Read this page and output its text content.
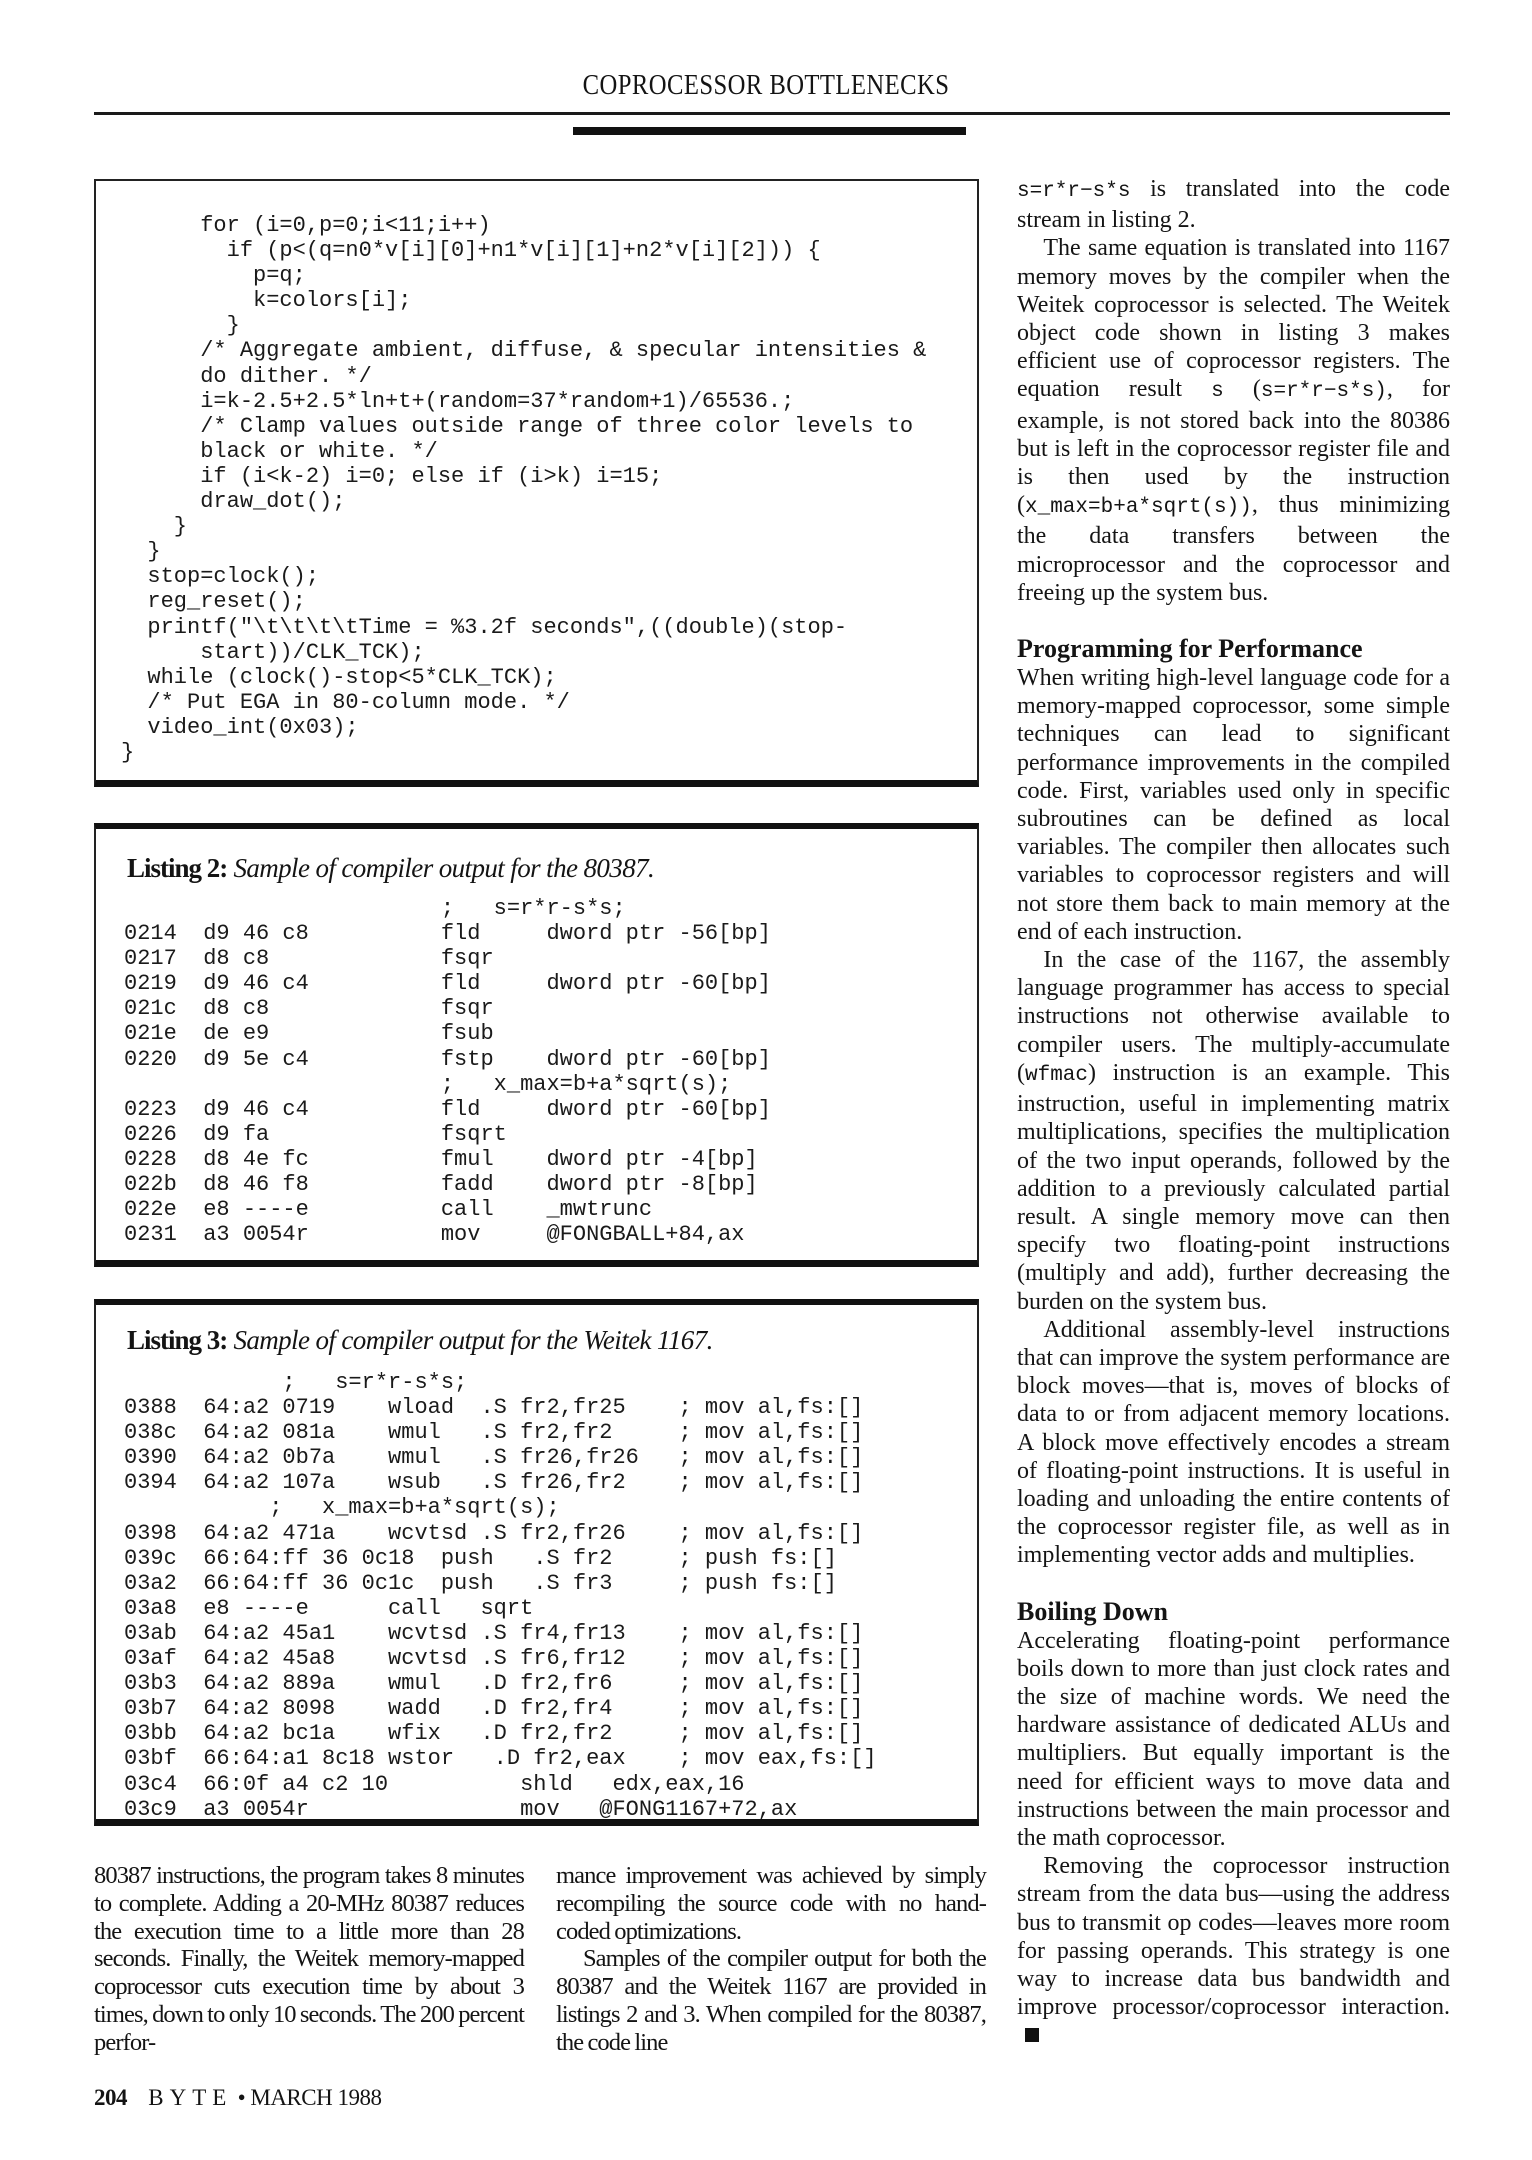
COPROCESSOR BOTTLENECKS
for (i=0,p=0;i<11;i++)
if (p<(q=n0*v[i][0]+n1*v[i][1]+n2*v[i][2])) {
p=q;
k=colors[i];
}
/* Aggregate ambient, diffuse, & specular intensities &
do dither. */
i=k-2.5+2.5*ln+t+(random=37*random+1)/65536.;
/* Clamp values outside range of three color levels to
black or white. */
if (i<k-2) i=0; else if (i>k) i=15;
draw_dot();
}
}
stop=clock();
reg_reset();
printf("\t\t\t\tTime = %3.2f seconds",((double)(stop-
start))/CLK_TCK);
while (clock()-stop<5*CLK_TCK);
/* Put EGA in 80-column mode. */
video_int(0x03);
}
Listing 2: Sample of compiler output for the 80387.
;   s=r*r-s*s;
0214  d9 46 c8          fld     dword ptr -56[bp]
0217  d8 c8             fsqr
0219  d9 46 c4          fld     dword ptr -60[bp]
021c  d8 c8             fsqr
021e  de e9             fsub
0220  d9 5e c4          fstp    dword ptr -60[bp]
;   x_max=b+a*sqrt(s);
0223  d9 46 c4          fld     dword ptr -60[bp]
0226  d9 fa             fsqrt
0228  d8 4e fc          fmul    dword ptr -4[bp]
022b  d8 46 f8          fadd    dword ptr -8[bp]
022e  e8 ----e          call    _mwtrunc
0231  a3 0054r          mov     @FONGBALL+84,ax
Listing 3: Sample of compiler output for the Weitek 1167.
;   s=r*r-s*s;
0388  64:a2 0719    wload  .S fr2,fr25    ; mov al,fs:[]
038c  64:a2 081a    wmul   .S fr2,fr2     ; mov al,fs:[]
0390  64:a2 0b7a    wmul   .S fr26,fr26   ; mov al,fs:[]
0394  64:a2 107a    wsub   .S fr26,fr2    ; mov al,fs:[]
;   x_max=b+a*sqrt(s);
0398  64:a2 471a    wcvtsd .S fr2,fr26    ; mov al,fs:[]
039c  66:64:ff 36 0c18  push   .S fr2     ; push fs:[]
03a2  66:64:ff 36 0c1c  push   .S fr3     ; push fs:[]
03a8  e8 ----e      call   sqrt
03ab  64:a2 45a1    wcvtsd .S fr4,fr13    ; mov al,fs:[]
03af  64:a2 45a8    wcvtsd .S fr6,fr12    ; mov al,fs:[]
03b3  64:a2 889a    wmul   .D fr2,fr6     ; mov al,fs:[]
03b7  64:a2 8098    wadd   .D fr2,fr4     ; mov al,fs:[]
03bb  64:a2 bc1a    wfix   .D fr2,fr2     ; mov al,fs:[]
03bf  66:64:a1 8c18 wstor   .D fr2,eax    ; mov eax,fs:[]
03c4  66:0f a4 c2 10          shld   edx,eax,16
03c9  a3 0054r                mov   @FONG1167+72,ax

s=r*r−s*s is translated into the code stream in listing 2.

The same equation is translated into 1167 memory moves by the compiler when the Weitek coprocessor is selected. The Weitek object code shown in listing 3 makes efficient use of coprocessor registers. The equation result s (s=r*r−s*s), for example, is not stored back into the 80386 but is left in the coprocessor register file and is then used by the instruction (x_max=b+a*sqrt(s)), thus minimizing the data transfers between the microprocessor and the coprocessor and freeing up the system bus.

Programming for Performance

When writing high-level language code for a memory-mapped coprocessor, some simple techniques can lead to significant performance improvements in the compiled code. First, variables used only in specific subroutines can be defined as local variables. The compiler then allocates such variables to coprocessor registers and will not store them back to main memory at the end of each instruction.

In the case of the 1167, the assembly language programmer has access to special instructions not otherwise available to compiler users. The multiply-accumulate (wfmac) instruction is an example. This instruction, useful in implementing matrix multiplications, specifies the multiplication of the two input operands, followed by the addition to a previously calculated partial result. A single memory move can then specify two floating-point instructions (multiply and add), further decreasing the burden on the system bus.

Additional assembly-level instructions that can improve the system performance are block moves—that is, moves of blocks of data to or from adjacent memory locations. A block move effectively encodes a stream of floating-point instructions. It is useful in loading and unloading the entire contents of the coprocessor register file, as well as in implementing vector adds and multiplies.

Boiling Down

Accelerating floating-point performance boils down to more than just clock rates and the size of machine words. We need the hardware assistance of dedicated ALUs and multipliers. But equally important is the need for efficient ways to move data and instructions between the main processor and the math coprocessor.

Removing the coprocessor instruction stream from the data bus—using the address bus to transmit op codes—leaves more room for passing operands. This strategy is one way to increase data bus bandwidth and improve processor/coprocessor interaction.

80387 instructions, the program takes 8 minutes to complete. Adding a 20-MHz 80387 reduces the execution time to a little more than 28 seconds. Finally, the Weitek memory-mapped coprocessor cuts execution time by about 3 times, down to only 10 seconds. The 200 percent perfor-

mance improvement was achieved by simply recompiling the source code with no hand-coded optimizations.

Samples of the compiler output for both the 80387 and the Weitek 1167 are provided in listings 2 and 3. When compiled for the 80387, the code line

204 BYTE • MARCH 1988
